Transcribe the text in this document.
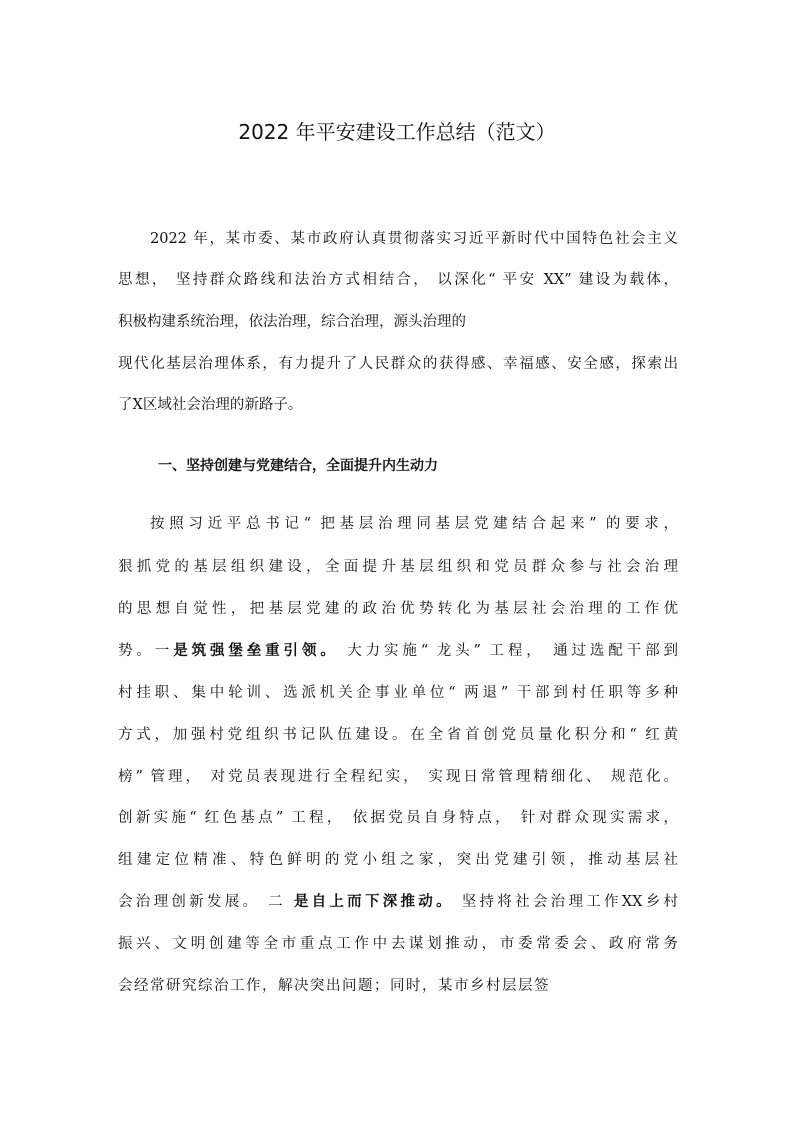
2022 年平安建设工作总结（范文）
2022 年，某市委、某市政府认真贯彻落实习近平新时代中国特色社会主义
思想， 坚持群众路线和法治方式相结合， 以深化“ 平安 XX” 建设为载体，
积极构建系统治理，依法治理，综合治理，源头治理的
现代化基层治理体系，有力提升了人民群众的获得感、幸福感、安全感，探索出
了X区域社会治理的新路子。
一、坚持创建与党建结合，全面提升内生动力
按照习近平总书记“ 把基层治理同基层党建结合起来” 的要求，
狠抓党的基层组织建设，全面提升基层组织和党员群众参与社会治理
的思想自觉性，把基层党建的政治优势转化为基层社会治理的工作优
势。一是筑强堡垒重引领。 大力实施“ 龙头” 工程， 通过选配干部到
村挂职、集中轮训、选派机关企事业单位“ 两退” 干部到村任职等多种
方式，加强村党组织书记队伍建设。在全省首创党员量化积分和“ 红黄
榜” 管理， 对党员表现进行全程纪实， 实现日常管理精细化、 规范化。
创新实施“ 红色基点” 工程， 依据党员自身特点， 针对群众现实需求，
组建定位精准、特色鲜明的党小组之家，突出党建引领，推动基层社
会治理创新发展。 二 是自上而下深推动。 坚持将社会治理工作XX乡村
振兴、文明创建等全市重点工作中去谋划推动，市委常委会、政府常务
会经常研究综治工作，解决突出问题；同时，某市乡村层层签
